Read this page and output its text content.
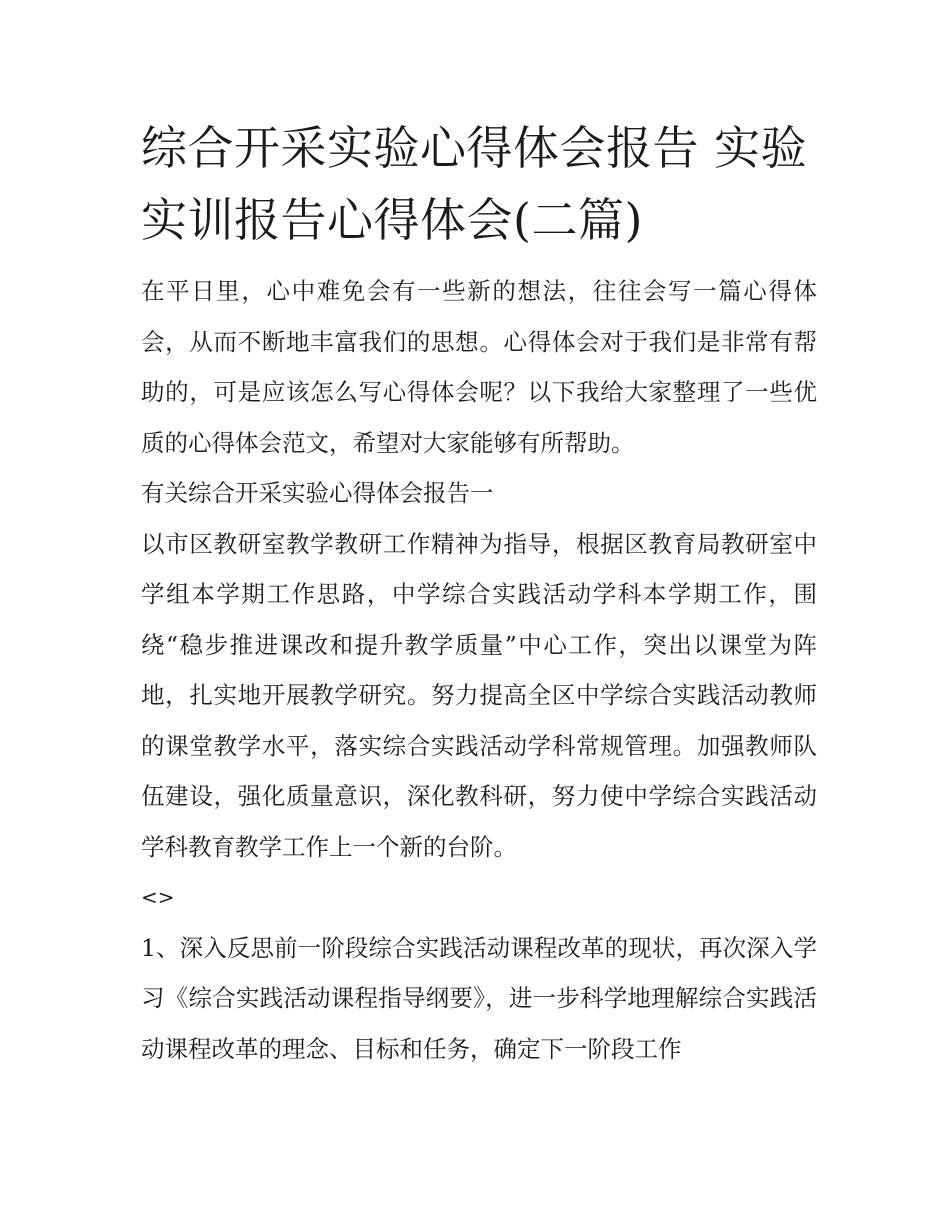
综合开采实验心得体会报告 实验实训报告心得体会(二篇)

在平日里，心中难免会有一些新的想法，往往会写一篇心得体会，从而不断地丰富我们的思想。心得体会对于我们是非常有帮助的，可是应该怎么写心得体会呢？以下我给大家整理了一些优质的心得体会范文，希望对大家能够有所帮助。

有关综合开采实验心得体会报告一

以市区教研室教学教研工作精神为指导，根据区教育局教研室中学组本学期工作思路，中学综合实践活动学科本学期工作，围绕“稳步推进课改和提升教学质量”中心工作，突出以课堂为阵地，扎实地开展教学研究。努力提高全区中学综合实践活动教师的课堂教学水平，落实综合实践活动学科常规管理。加强教师队伍建设，强化质量意识，深化教科研，努力使中学综合实践活动学科教育教学工作上一个新的台阶。

<>

1、深入反思前一阶段综合实践活动课程改革的现状，再次深入学习《综合实践活动课程指导纲要》，进一步科学地理解综合实践活动课程改革的理念、目标和任务，确定下一阶段工作
